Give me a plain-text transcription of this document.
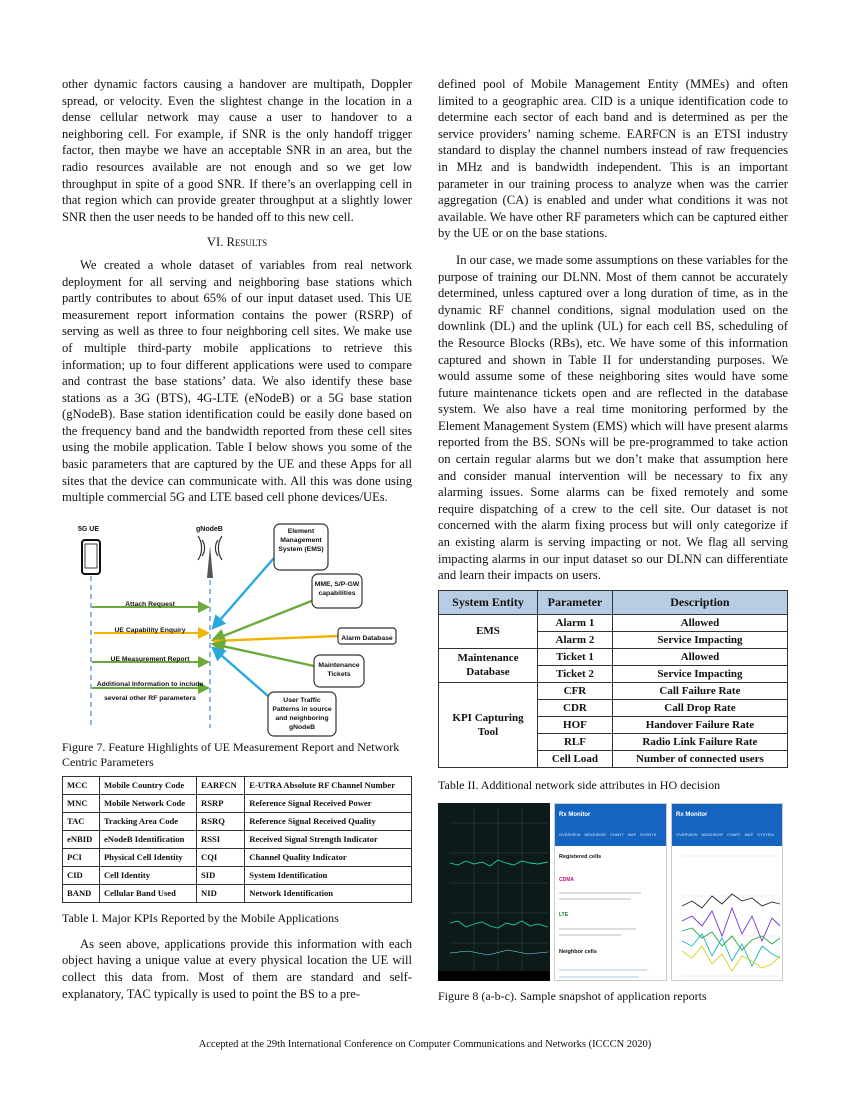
other dynamic factors causing a handover are multipath, Doppler spread, or velocity. Even the slightest change in the location in a dense cellular network may cause a user to handover to a neighboring cell. For example, if SNR is the only handoff trigger factor, then maybe we have an acceptable SNR in an area, but the radio resources available are not enough and so we get low throughput in spite of a good SNR. If there’s an overlapping cell in that region which can provide greater throughput at a slightly lower SNR then the user needs to be handed off to this new cell.

VI. Results

We created a whole dataset of variables from real network deployment for all serving and neighboring base stations which partly contributes to about 65% of our input dataset used. This UE measurement report information contains the power (RSRP) of serving as well as three to four neighboring cell sites. We make use of multiple third-party mobile applications to retrieve this information; up to four different applications were used to compare and contrast the base stations’ data. We also identify these base stations as a 3G (BTS), 4G-LTE (eNodeB) or a 5G base station (gNodeB). Base station identification could be easily done based on the frequency band and the bandwidth reported from these cell sites using the mobile application. Table I below shows you some of the basic parameters that are captured by the UE and these Apps for all sites that the device can communicate with. All this was done using multiple commercial 5G and LTE based cell phone devices/UEs.

5G UE	gNodeB	Element Management System (EMS)
MME, S/P-GW capabilities
Alarm Database
Maintenance Tickets
User Traffic Patterns in source and neighboring gNodeB
Attach Request
UE Capability Enquiry
UE Measurement Report
Additional Information to include
several other RF parameters
Figure 7. Feature Highlights of UE Measurement Report and Network Centric Parameters
MCC	Mobile Country Code	EARFCN	E-UTRA Absolute RF Channel Number
MNC	Mobile Network Code	RSRP	Reference Signal Received Power
TAC	Tracking Area Code	RSRQ	Reference Signal Received Quality
eNBID	eNodeB Identification	RSSI	Received Signal Strength Indicator
PCI	Physical Cell Identity	CQI	Channel Quality Indicator
CID	Cell Identity	SID	System Identification
BAND	Cellular Band Used	NID	Network Identification
Table I. Major KPIs Reported by the Mobile Applications

As seen above, applications provide this information with each object having a unique value at every physical location the UE will collect this data from. Most of them are standard and self-explanatory, TAC typically is used to point the BS to a pre-

defined pool of Mobile Management Entity (MMEs) and often limited to a geographic area. CID is a unique identification code to determine each sector of each band and is determined as per the service providers’ naming scheme. EARFCN is an ETSI industry standard to display the channel numbers instead of raw frequencies in MHz and is bandwidth independent. This is an important parameter in our training process to analyze when was the carrier aggregation (CA) is enabled and under what conditions it was not available. We have other RF parameters which can be captured either by the UE or on the base stations.

In our case, we made some assumptions on these variables for the purpose of training our DLNN. Most of them cannot be accurately determined, unless captured over a long duration of time, as in the dynamic RF channel conditions, signal modulation used on the downlink (DL) and the uplink (UL) for each cell BS, scheduling of the Resource Blocks (RBs), etc. We have some of this information captured and shown in Table II for understanding purposes. We would assume some of these neighboring sites would have some future maintenance tickets open and are reflected in the database system. We also have a real time monitoring performed by the Element Management System (EMS) which will have present alarms reported from the BS. SONs will be pre-programmed to take action on certain regular alarms but we don’t make that assumption here and consider manual intervention will be necessary to fix any alarming issues. Some alarms can be fixed remotely and some require dispatching of a crew to the cell site. Our dataset is not concerned with the alarm fixing process but will only categorize if an existing alarm is serving impacting or not. We flag all serving impacting alarms in our input dataset so our DLNN can differentiate and learn their impacts on users.

System Entity	Parameter	Description
EMS	Alarm 1	Allowed
	Alarm 2	Service Impacting
Maintenance Database	Ticket 1	Allowed
	Ticket 2	Service Impacting
KPI Capturing Tool	CFR	Call Failure Rate
	CDR	Call Drop Rate
	HOF	Handover Failure Rate
	RLF	Radio Link Failure Rate
	Cell Load	Number of connected users
Table II. Additional network side attributes in HO decision
Rx Monitor
OVERVIEW NEIGHBOR CHART MAP EVENTS
Registered cells
CDMA
LTE
Neighbor cells
Rx Monitor
OVERVIEW NEIGHBOR CHART MAP SYSTEM
Figure 8 (a-b-c). Sample snapshot of application reports
Accepted at the 29th International Conference on Computer Communications and Networks (ICCCN 2020)
